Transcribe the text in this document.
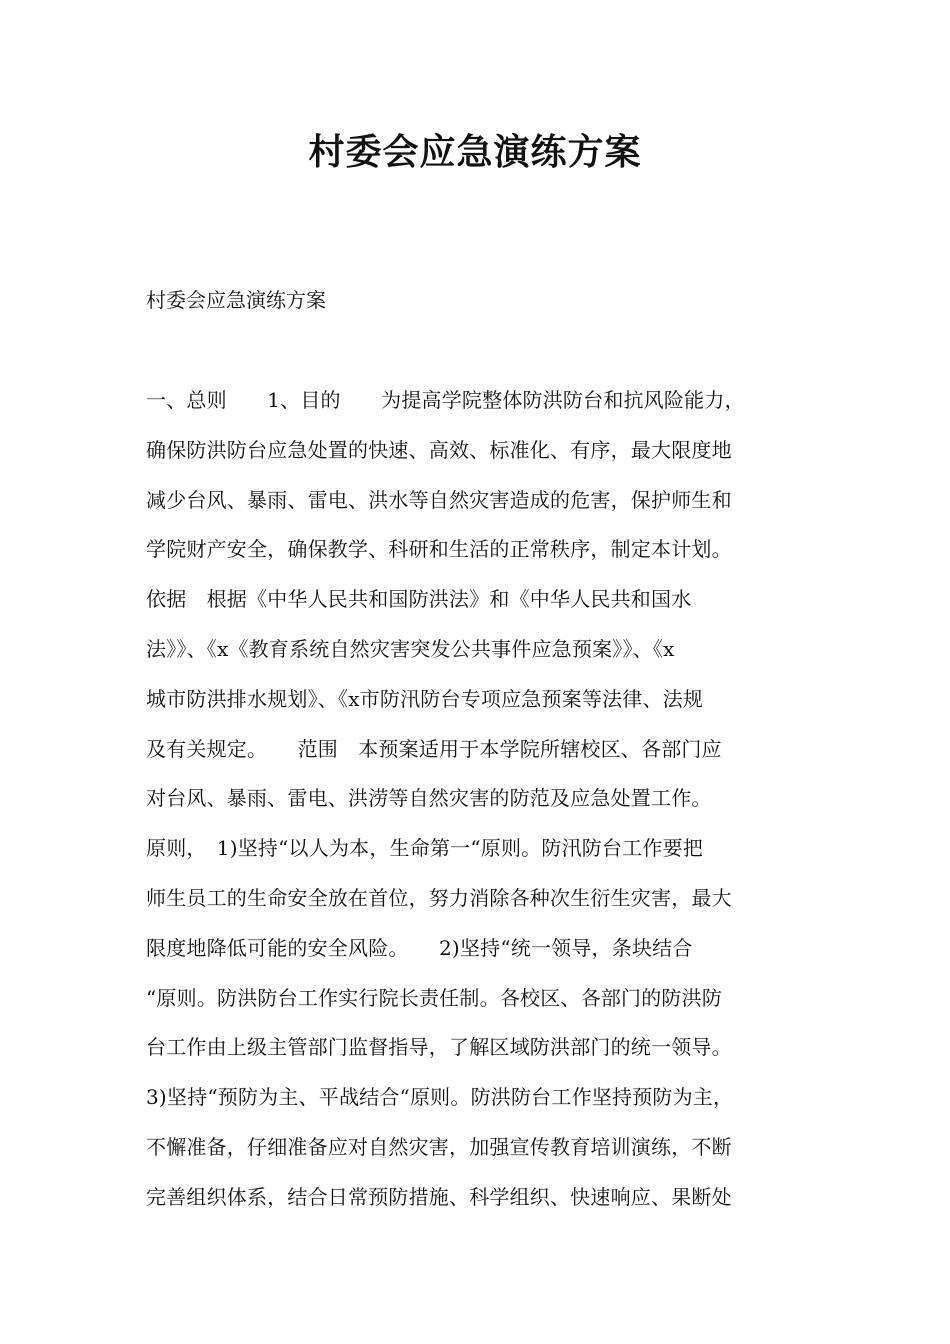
村委会应急演练方案

村委会应急演练方案

一、总则　　1、目的　　为提高学院整体防洪防台和抗风险能力，
确保防洪防台应急处置的快速、高效、标准化、有序，最大限度地
减少台风、暴雨、雷电、洪水等自然灾害造成的危害，保护师生和
学院财产安全，确保教学、科研和生活的正常秩序，制定本计划。
依据　根据《中华人民共和国防洪法》和《中华人民共和国水
法》》、《x《教育系统自然灾害突发公共事件应急预案》》、《x
城市防洪排水规划》、《x市防汛防台专项应急预案等法律、法规
及有关规定。　　范围　本预案适用于本学院所辖校区、各部门应
对台风、暴雨、雷电、洪涝等自然灾害的防范及应急处置工作。
原则，　1)坚持“以人为本，生命第一“原则。防汛防台工作要把
师生员工的生命安全放在首位，努力消除各种次生衍生灾害，最大
限度地降低可能的安全风险。　　2)坚持“统一领导，条块结合
“原则。防洪防台工作实行院长责任制。各校区、各部门的防洪防
台工作由上级主管部门监督指导，了解区域防洪部门的统一领导。
3)坚持“预防为主、平战结合“原则。防洪防台工作坚持预防为主，
不懈准备，仔细准备应对自然灾害，加强宣传教育培训演练，不断
完善组织体系，结合日常预防措施、科学组织、快速响应、果断处
